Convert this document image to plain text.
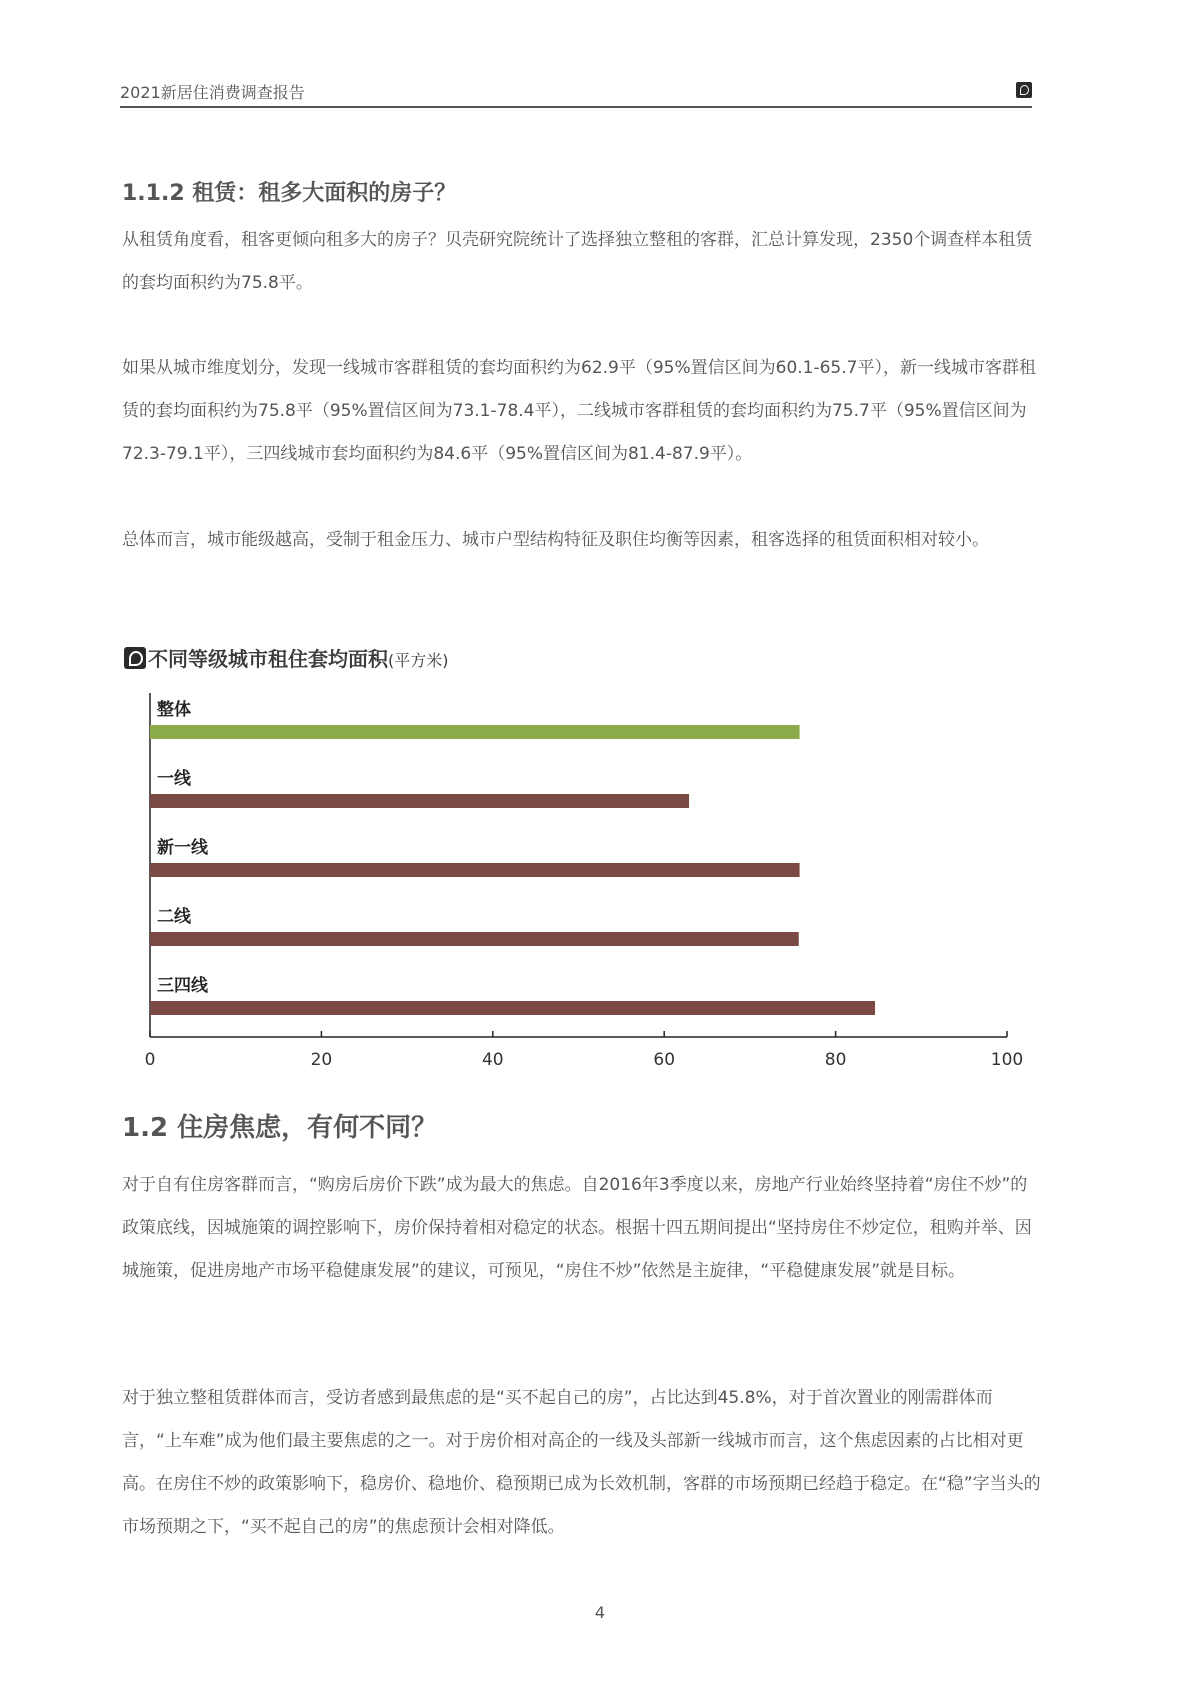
2021新居住消费调查报告
1.1.2 租赁：租多大面积的房子？

从租赁角度看，租客更倾向租多大的房子？贝壳研究院统计了选择独立整租的客群，汇总计算发现，2350个调查样本租赁的套均面积约为75.8平。

如果从城市维度划分，发现一线城市客群租赁的套均面积约为62.9平（95%置信区间为60.1-65.7平），新一线城市客群租赁的套均面积约为75.8平（95%置信区间为73.1-78.4平），二线城市客群租赁的套均面积约为75.7平（95%置信区间为72.3-79.1平），三四线城市套均面积约为84.6平（95%置信区间为81.4-87.9平）。

总体而言，城市能级越高，受制于租金压力、城市户型结构特征及职住均衡等因素，租客选择的租赁面积相对较小。

不同等级城市租住套均面积(平方米)
0	20	40	60	80	100
整体
一线
新一线
二线
三四线
1.2 住房焦虑，有何不同？

对于自有住房客群而言，“购房后房价下跌”成为最大的焦虑。自2016年3季度以来，房地产行业始终坚持着“房住不炒”的政策底线，因城施策的调控影响下，房价保持着相对稳定的状态。根据十四五期间提出“坚持房住不炒定位，租购并举、因城施策，促进房地产市场平稳健康发展”的建议，可预见，“房住不炒”依然是主旋律，“平稳健康发展”就是目标。

对于独立整租赁群体而言，受访者感到最焦虑的是“买不起自己的房”，占比达到45.8%，对于首次置业的刚需群体而言，“上车难”成为他们最主要焦虑的之一。对于房价相对高企的一线及头部新一线城市而言，这个焦虑因素的占比相对更高。在房住不炒的政策影响下，稳房价、稳地价、稳预期已成为长效机制，客群的市场预期已经趋于稳定。在“稳”字当头的市场预期之下，“买不起自己的房”的焦虑预计会相对降低。

4
